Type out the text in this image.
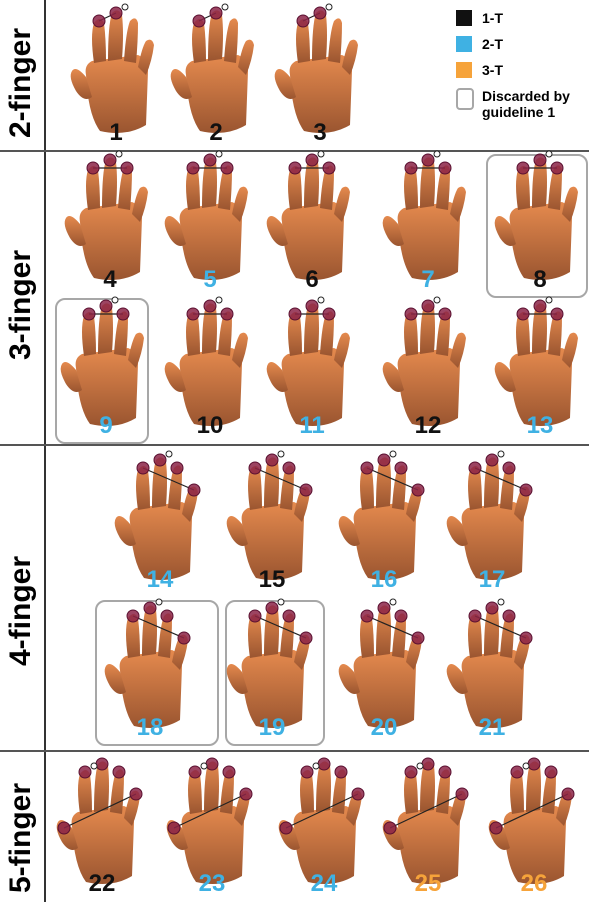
2-finger
3-finger
4-finger
5-finger
1-T
2-T
3-T
Discarded by guideline 1
1	2	3
4	5	6	7	8
9	10	11	12	13
14	15	16	17
18	19	20	21
22	23	24	25	26
